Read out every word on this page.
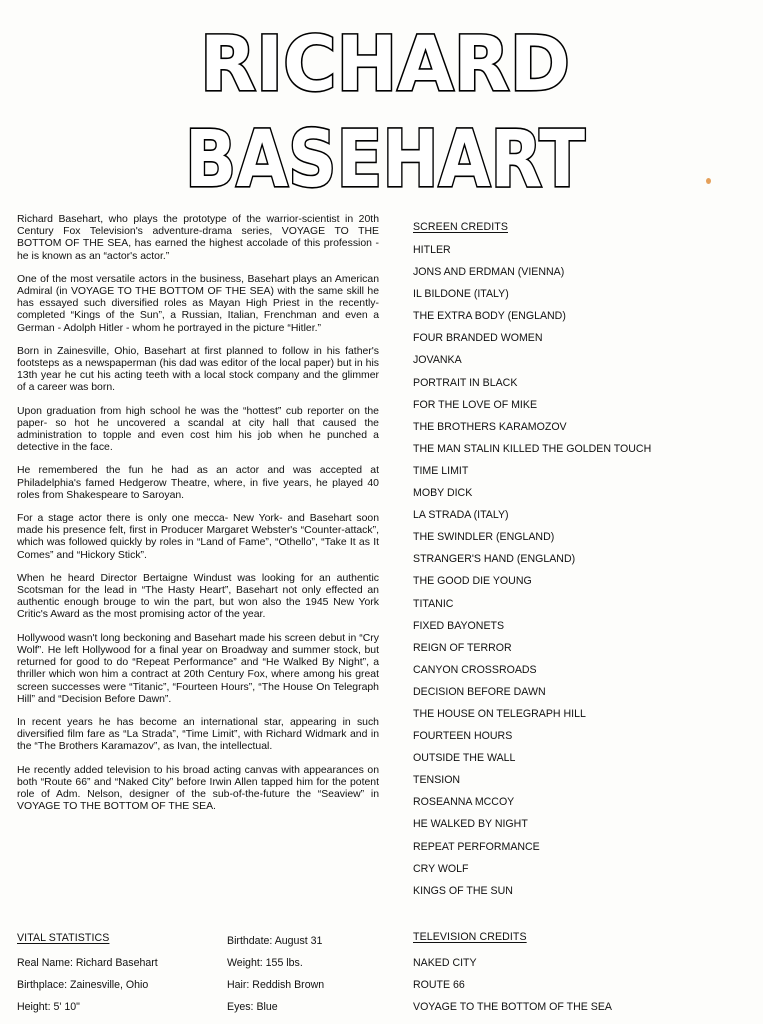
RICHARD
BASEHART

Richard Basehart, who plays the prototype of the warrior-scientist in 20th Century Fox Television's adventure-drama series, VOYAGE TO THE BOTTOM OF THE SEA, has earned the highest accolade of this profession - he is known as an “actor's actor.”

One of the most versatile actors in the business, Basehart plays an American Admiral (in VOYAGE TO THE BOTTOM OF THE SEA) with the same skill he has essayed such diversified roles as Mayan High Priest in the recently-completed “Kings of the Sun”, a Russian, Italian, Frenchman and even a German - Adolph Hitler - whom he portrayed in the picture “Hitler.”

Born in Zainesville, Ohio, Basehart at first planned to follow in his father's footsteps as a newspaperman (his dad was editor of the local paper) but in his 13th year he cut his acting teeth with a local stock company and the glimmer of a career was born.

Upon graduation from high school he was the “hottest” cub reporter on the paper- so hot he uncovered a scandal at city hall that caused the administration to topple and even cost him his job when he punched a detective in the face.

He remembered the fun he had as an actor and was accepted at Philadelphia's famed Hedgerow Theatre, where, in five years, he played 40 roles from Shakespeare to Saroyan.

For a stage actor there is only one mecca- New York- and Basehart soon made his presence felt, first in Producer Margaret Webster's “Counter-attack”, which was followed quickly by roles in “Land of Fame”, “Othello”, “Take It as It Comes” and “Hickory Stick”.

When he heard Director Bertaigne Windust was looking for an authentic Scotsman for the lead in “The Hasty Heart”, Basehart not only effected an authentic enough brouge to win the part, but won also the 1945 New York Critic's Award as the most promising actor of the year.

Hollywood wasn't long beckoning and Basehart made his screen debut in “Cry Wolf”. He left Hollywood for a final year on Broadway and summer stock, but returned for good to do “Repeat Performance” and “He Walked By Night”, a thriller which won him a contract at 20th Century Fox, where among his great screen successes were “Titanic”, “Fourteen Hours”, “The House On Telegraph Hill” and “Decision Before Dawn”.

In recent years he has become an international star, appearing in such diversified film fare as “La Strada”, “Time Limit”, with Richard Widmark and in the “The Brothers Karamazov”, as Ivan, the intellectual.

He recently added television to his broad acting canvas with appearances on both “Route 66” and “Naked City” before Irwin Allen tapped him for the potent role of Adm. Nelson, designer of the sub-of-the-future the “Seaview” in VOYAGE TO THE BOTTOM OF THE SEA.

SCREEN CREDITS
HITLER
JONS AND ERDMAN (VIENNA)
IL BILDONE (ITALY)
THE EXTRA BODY (ENGLAND)
FOUR BRANDED WOMEN
JOVANKA
PORTRAIT IN BLACK
FOR THE LOVE OF MIKE
THE BROTHERS KARAMOZOV
THE MAN STALIN KILLED THE GOLDEN TOUCH
TIME LIMIT
MOBY DICK
LA STRADA (ITALY)
THE SWINDLER (ENGLAND)
STRANGER'S HAND (ENGLAND)
THE GOOD DIE YOUNG
TITANIC
FIXED BAYONETS
REIGN OF TERROR
CANYON CROSSROADS
DECISION BEFORE DAWN
THE HOUSE ON TELEGRAPH HILL
FOURTEEN HOURS
OUTSIDE THE WALL
TENSION
ROSEANNA MCCOY
HE WALKED BY NIGHT
REPEAT PERFORMANCE
CRY WOLF
KINGS OF THE SUN
VITAL STATISTICS
Real Name: Richard Basehart
Birthplace: Zainesville, Ohio
Height: 5' 10"
Birthdate: August 31
Weight: 155 lbs.
Hair: Reddish Brown
Eyes: Blue
TELEVISION CREDITS
NAKED CITY
ROUTE 66
VOYAGE TO THE BOTTOM OF THE SEA
